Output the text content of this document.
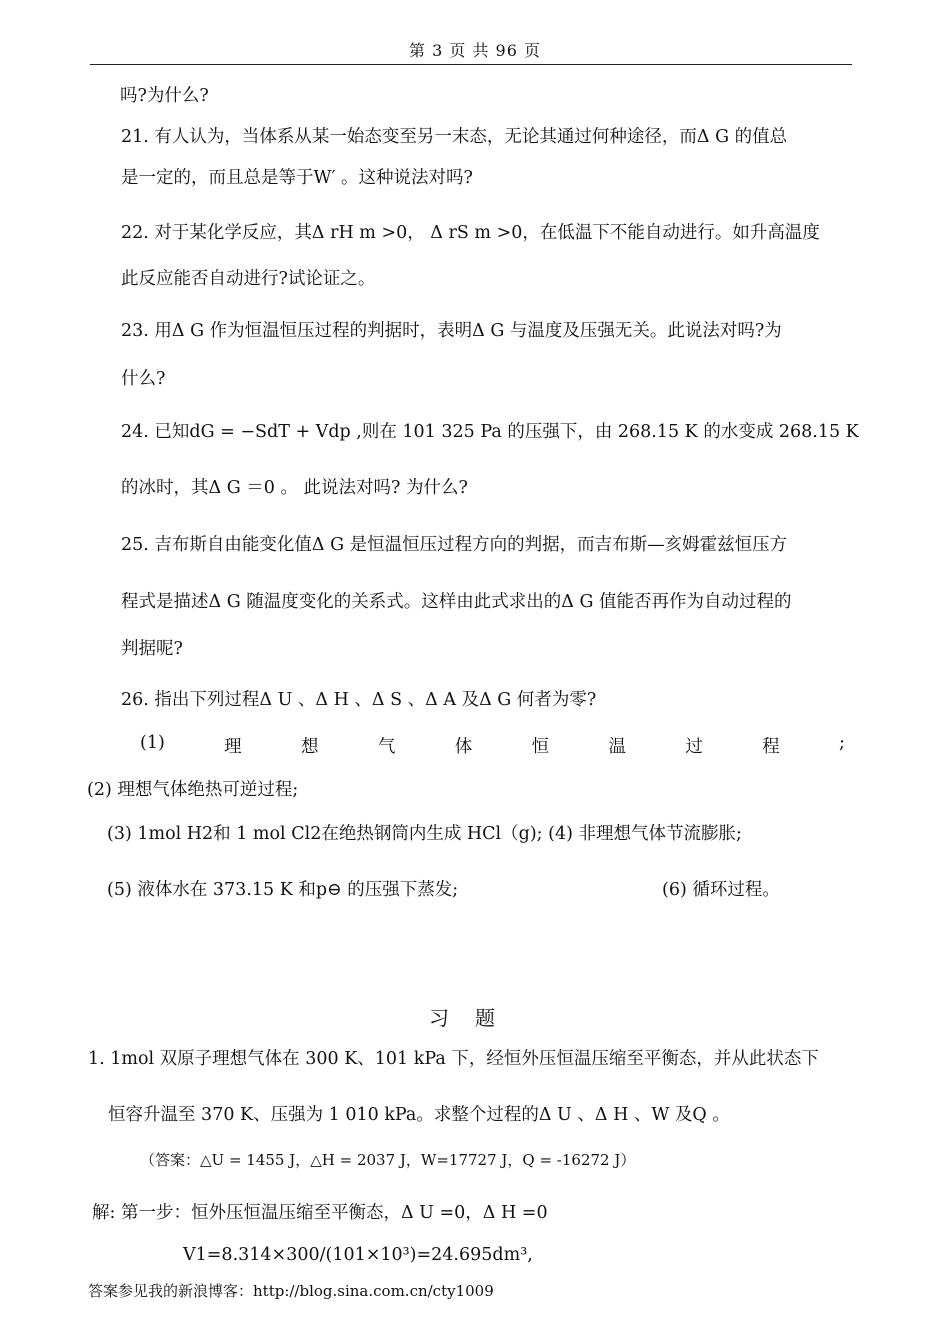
第 3 页 共 96 页
吗?为什么?
21. 有人认为，当体系从某一始态变至另一末态，无论其通过何种途径，而Δ G 的值总
是一定的，而且总是等于W′ 。这种说法对吗?
22. 对于某化学反应，其Δ rH m >0， Δ rS m >0，在低温下不能自动进行。如升高温度
此反应能否自动进行?试论证之。
23. 用Δ G 作为恒温恒压过程的判据时，表明Δ G 与温度及压强无关。此说法对吗?为
什么?
24. 已知dG = −SdT + Vdp ,则在 101 325 Pa 的压强下，由 268.15 K 的水变成 268.15 K
的冰时，其Δ G ＝0 。 此说法对吗? 为什么?
25. 吉布斯自由能变化值Δ G 是恒温恒压过程方向的判据，而吉布斯—亥姆霍兹恒压方
程式是描述Δ G 随温度变化的关系式。这样由此式求出的Δ G 值能否再作为自动过程的
判据呢?
26. 指出下列过程Δ U 、Δ H 、Δ S 、Δ A 及Δ G 何者为零?
(1)	理	想	气	体	恒	温	过	程	;
(2) 理想气体绝热可逆过程;
(3) 1mol H2和 1 mol Cl2在绝热钢筒内生成 HCl（g); (4) 非理想气体节流膨胀;
(5) 液体水在 373.15 K 和p⊖ 的压强下蒸发;	(6) 循环过程。
习题
1. 1mol 双原子理想气体在 300 K、101 kPa 下，经恒外压恒温压缩至平衡态，并从此状态下
恒容升温至 370 K、压强为 1 010 kPa。求整个过程的Δ U 、Δ H 、W 及Q 。
（答案：△U = 1455 J，△H = 2037 J，W=17727 J，Q = -16272 J）
解: 第一步：恒外压恒温压缩至平衡态，Δ U =0，Δ H =0
V1=8.314×300/(101×10³)=24.695dm³,
答案参见我的新浪博客：http://blog.sina.com.cn/cty1009
